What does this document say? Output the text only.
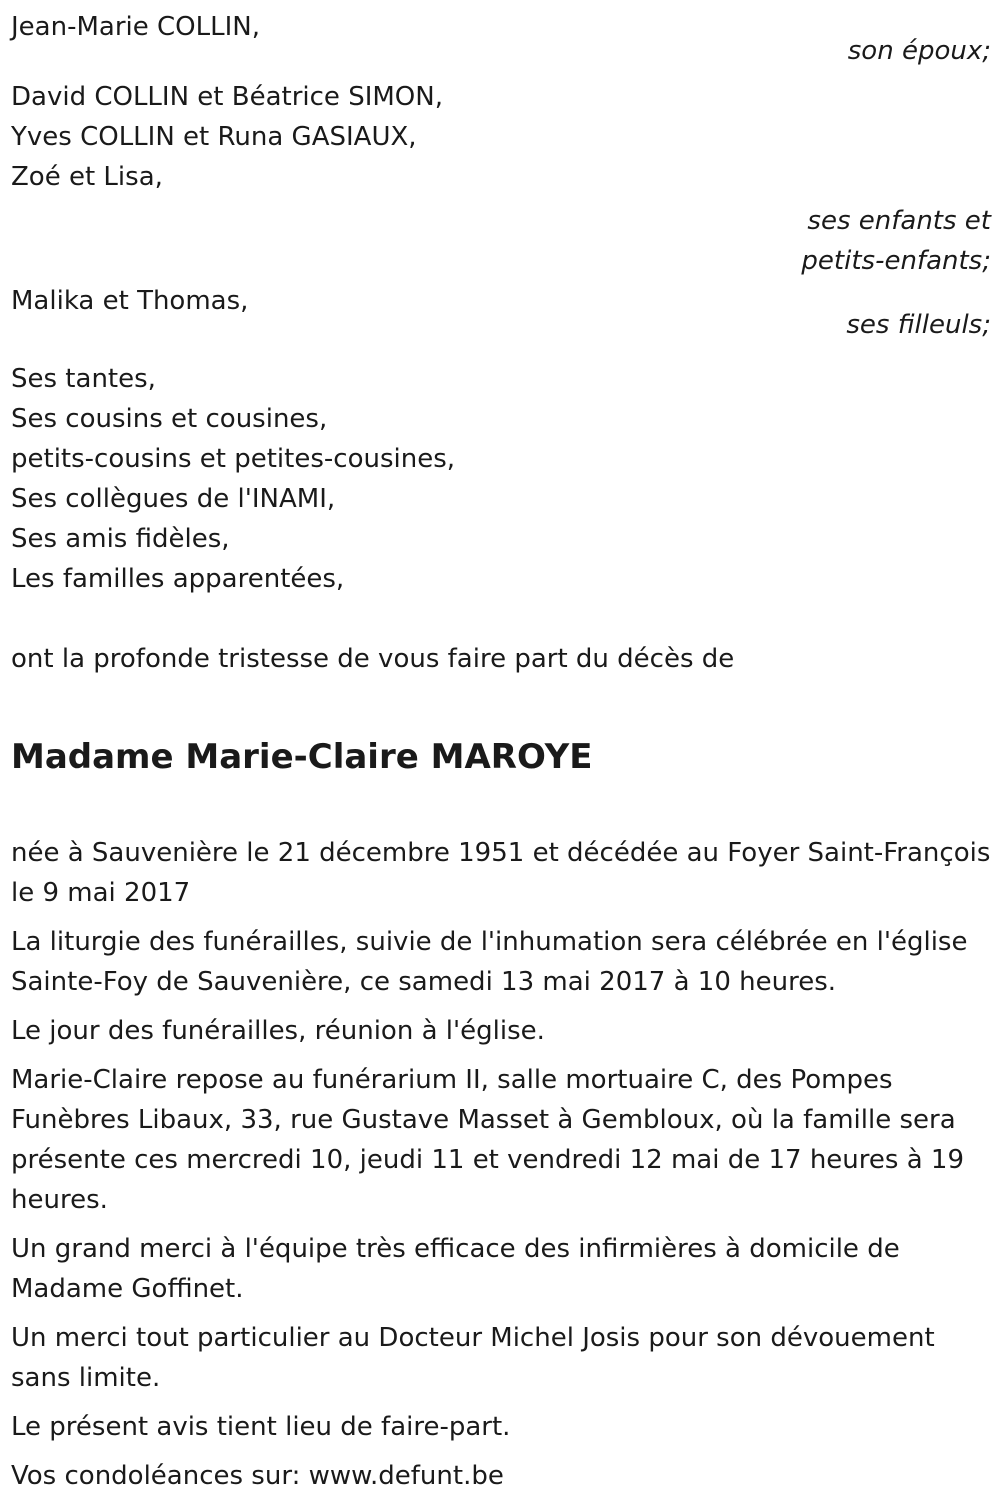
Jean-Marie COLLIN,
son époux;
David COLLIN et Béatrice SIMON,
Yves COLLIN et Runa GASIAUX,
Zoé et Lisa,
ses enfants et
petits-enfants;
Malika et Thomas,
ses filleuls;
Ses tantes,
Ses cousins et cousines,
petits-cousins et petites-cousines,
Ses collègues de l'INAMI,
Ses amis fidèles,
Les familles apparentées,
ont la profonde tristesse de vous faire part du décès de
Madame Marie-Claire MAROYE

née à Sauvenière le 21 décembre 1951 et décédée au Foyer Saint-François le 9 mai 2017

La liturgie des funérailles, suivie de l'inhumation sera célébrée en l'église Sainte-Foy de Sauvenière, ce samedi 13 mai 2017 à 10 heures.

Le jour des funérailles, réunion à l'église.

Marie-Claire repose au funérarium II, salle mortuaire C, des Pompes Funèbres Libaux, 33, rue Gustave Masset à Gembloux, où la famille sera présente ces mercredi 10, jeudi 11 et vendredi 12 mai de 17 heures à 19 heures.

Un grand merci à l'équipe très efficace des infirmières à domicile de Madame Goffinet.

Un merci tout particulier au Docteur Michel Josis pour son dévouement sans limite.

Le présent avis tient lieu de faire-part.

Vos condoléances sur: www.defunt.be
